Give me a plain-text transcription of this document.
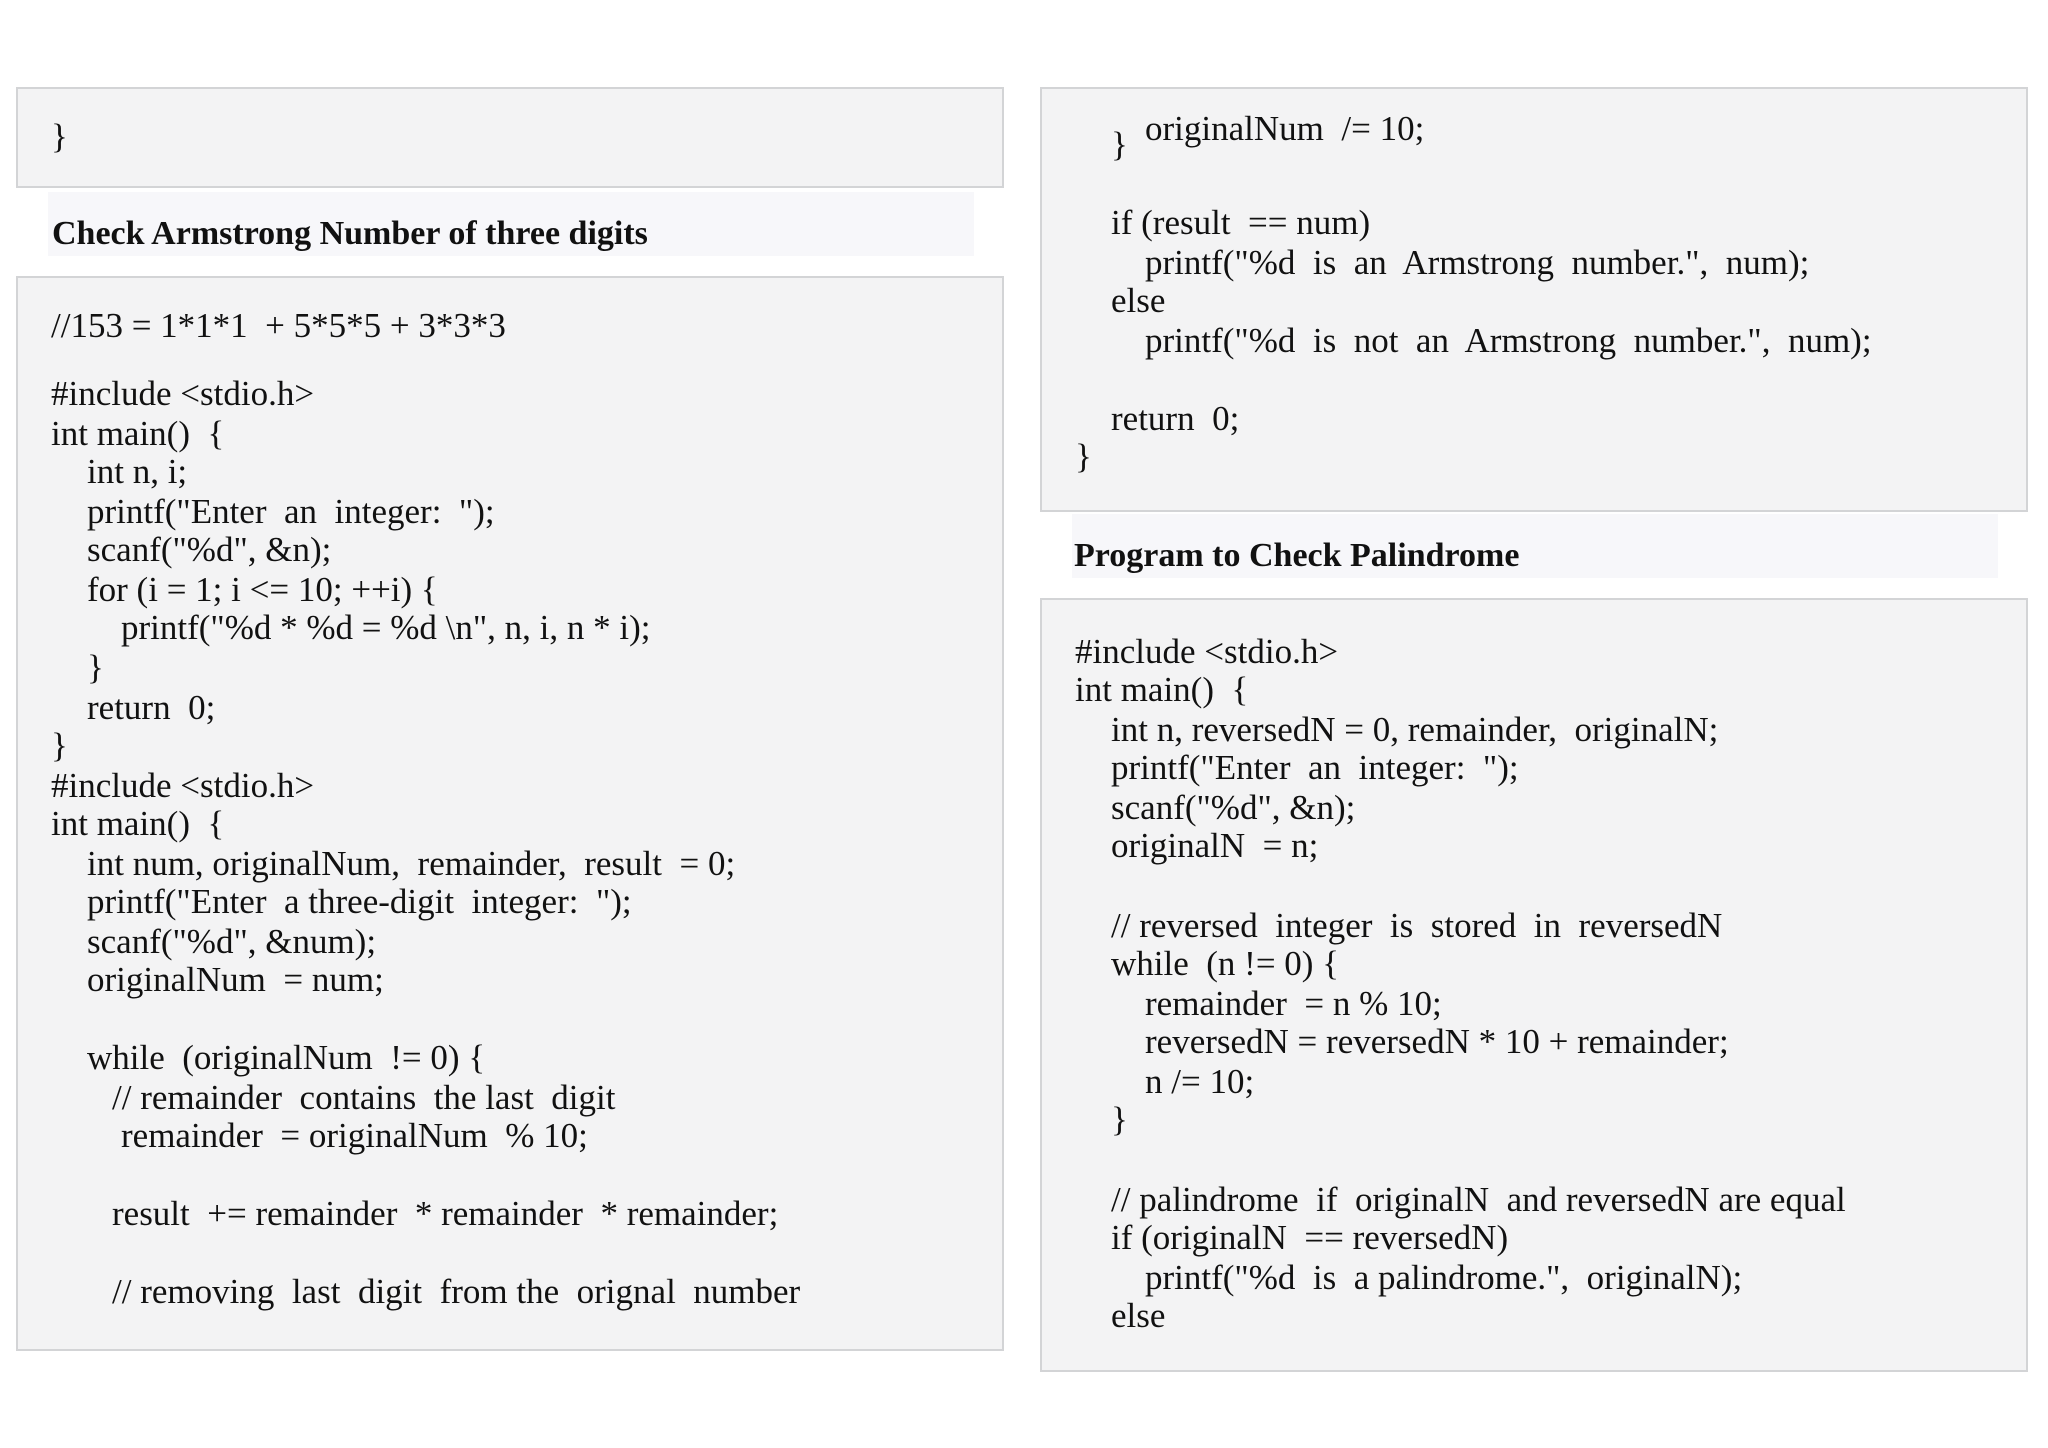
}
Check Armstrong Number of three digits
//153 = 1*1*1  + 5*5*5 + 3*3*3
#include <stdio.h>
int main()  {
int n, i;
printf("Enter  an  integer:  ");
scanf("%d", &n);
for (i = 1; i <= 10; ++i) {
printf("%d * %d = %d \n", n, i, n * i);
}
return  0;
}
#include <stdio.h>
int main()  {
int num, originalNum,  remainder,  result  = 0;
printf("Enter  a three-digit  integer:  ");
scanf("%d", &num);
originalNum  = num;
while  (originalNum  != 0) {
// remainder  contains  the last  digit
remainder  = originalNum  % 10;
result  += remainder  * remainder  * remainder;
// removing  last  digit  from the  orignal  number
originalNum  /= 10;
}
if (result  == num)
printf("%d  is  an  Armstrong  number.",  num);
else
printf("%d  is  not  an  Armstrong  number.",  num);
return  0;
}
Program to Check Palindrome
#include <stdio.h>
int main()  {
int n, reversedN = 0, remainder,  originalN;
printf("Enter  an  integer:  ");
scanf("%d", &n);
originalN  = n;
// reversed  integer  is  stored  in  reversedN
while  (n != 0) {
remainder  = n % 10;
reversedN = reversedN * 10 + remainder;
n /= 10;
}
// palindrome  if  originalN  and reversedN are equal
if (originalN  == reversedN)
printf("%d  is  a palindrome.",  originalN);
else
